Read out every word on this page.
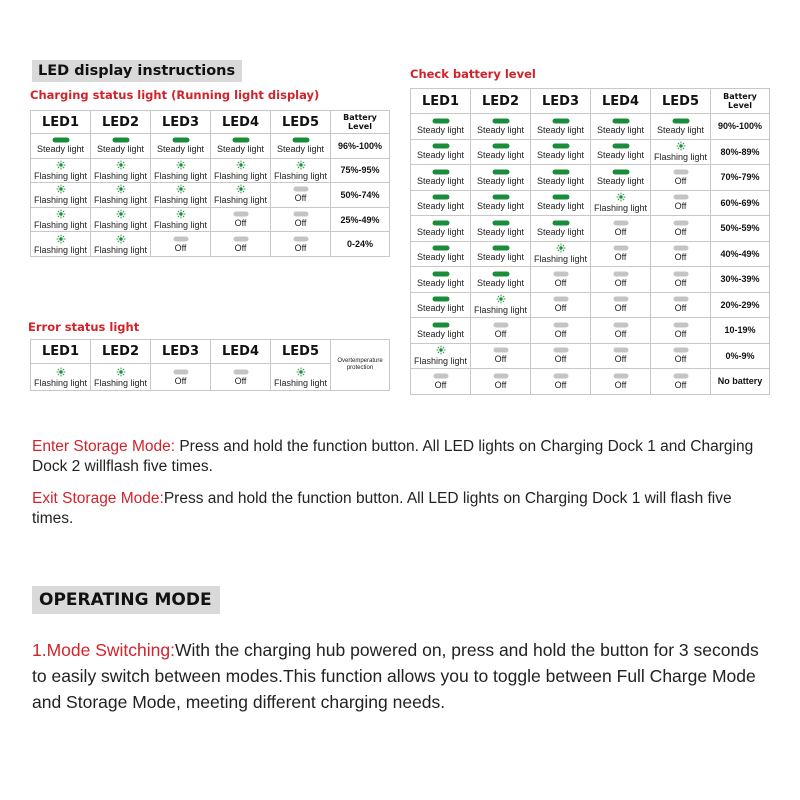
LED display instructions
Charging status light (Running light display)
LED1	LED2	LED3	LED4	LED5	Battery Level

Steady light	Steady light	Steady light	Steady light	Steady light	96%-100%

Flashing light	Flashing light	Flashing light	Flashing light	Flashing light	75%-95%

Flashing light	Flashing light	Flashing light	Flashing light	Off	50%-74%

Flashing light	Flashing light	Flashing light	Off	Off	25%-49%

Flashing light	Flashing light	Off	Off	Off	0-24%
Error status light
LED1	LED2	LED3	LED4	LED5	Overtemperature protection

Flashing light	Flashing light	Off	Off	Flashing light	
Check battery level
LED1	LED2	LED3	LED4	LED5	Battery Level

Steady light	Steady light	Steady light	Steady light	Steady light	90%-100%

Steady light	Steady light	Steady light	Steady light	Flashing light	80%-89%

Steady light	Steady light	Steady light	Steady light	Off	70%-79%

Steady light	Steady light	Steady light	Flashing light	Off	60%-69%

Steady light	Steady light	Steady light	Off	Off	50%-59%

Steady light	Steady light	Flashing light	Off	Off	40%-49%

Steady light	Steady light	Off	Off	Off	30%-39%

Steady light	Flashing light	Off	Off	Off	20%-29%

Steady light	Off	Off	Off	Off	10-19%

Flashing light	Off	Off	Off	Off	0%-9%

Off	Off	Off	Off	Off	No battery
Enter Storage Mode: Press and hold the function button. All LED lights on Charging Dock 1 and Charging Dock 2 willflash five times.
Exit Storage Mode:Press and hold the function button. All LED lights on Charging Dock 1 will flash five times.
OPERATING MODE
1.Mode Switching:With the charging hub powered on, press and hold the button for 3 seconds to easily switch between modes.This function allows you to toggle between Full Charge Mode and Storage Mode, meeting different charging needs.
